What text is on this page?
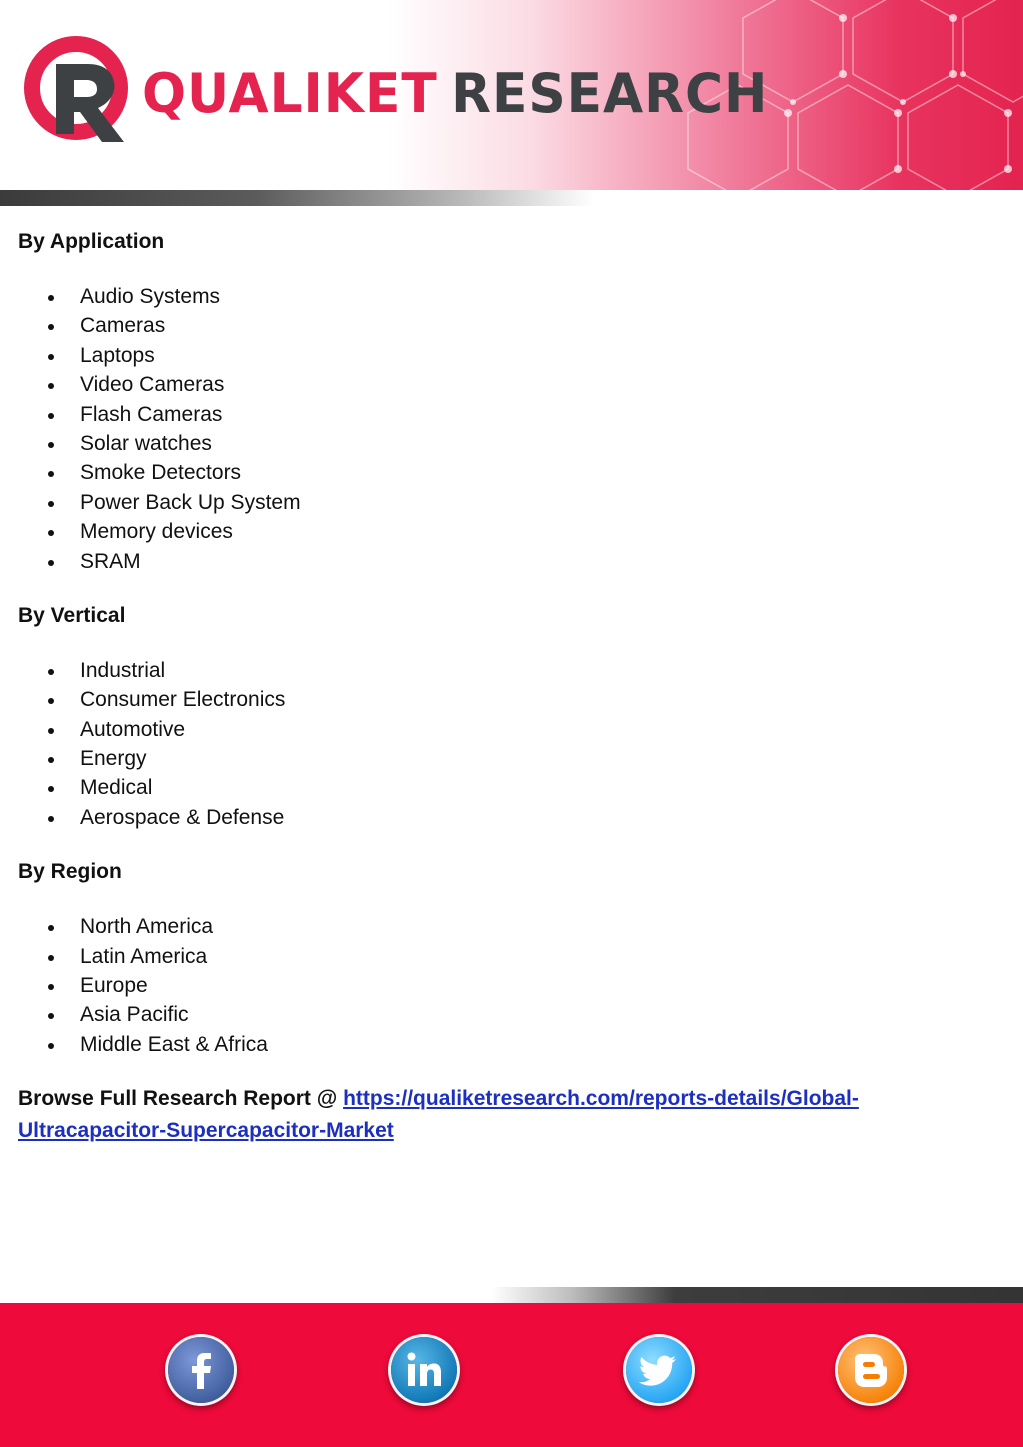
QUALIKET RESEARCH

By Application

Audio Systems
Cameras
Laptops
Video Cameras
Flash Cameras
Solar watches
Smoke Detectors
Power Back Up System
Memory devices
SRAM

By Vertical

Industrial
Consumer Electronics
Automotive
Energy
Medical
Aerospace & Defense

By Region

North America
Latin America
Europe
Asia Pacific
Middle East & Africa
Browse Full Research Report @ https://qualiketresearch.com/reports-details/Global-
Ultracapacitor-Supercapacitor-Market
